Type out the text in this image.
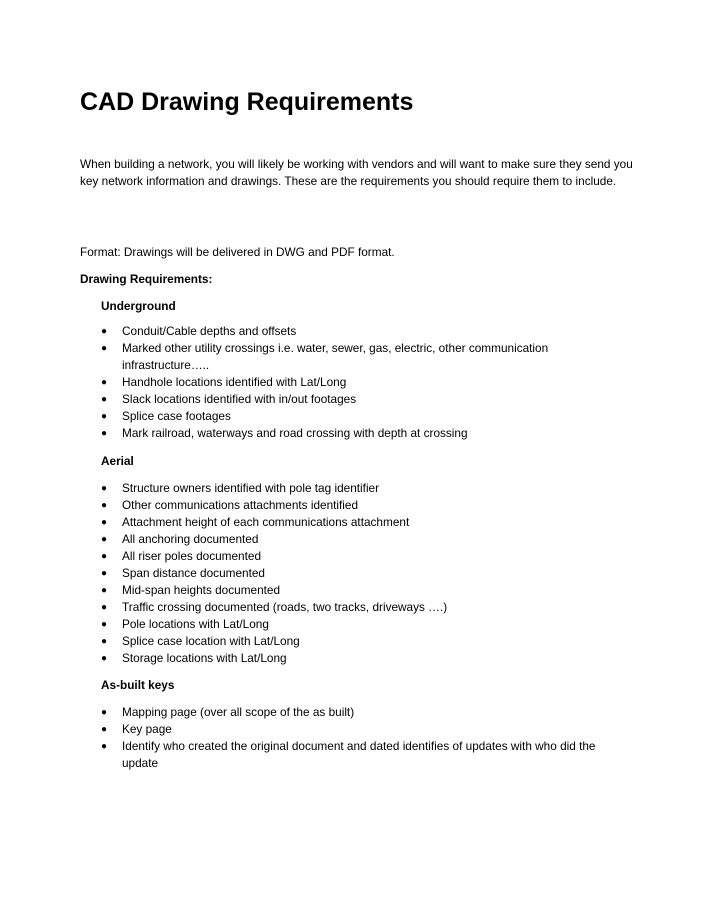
CAD Drawing Requirements

When building a network, you will likely be working with vendors and will want to make sure they send you key network information and drawings. These are the requirements you should require them to include.

Format: Drawings will be delivered in DWG and PDF format.

Drawing Requirements:

Underground

●	Conduit/Cable depths and offsets
●	Marked other utility crossings i.e. water, sewer, gas, electric, other communication infrastructure…..
●	Handhole locations identified with Lat/Long
●	Slack locations identified with in/out footages
●	Splice case footages
●	Mark railroad, waterways and road crossing with depth at crossing

Aerial

●	Structure owners identified with pole tag identifier
●	Other communications attachments identified
●	Attachment height of each communications attachment
●	All anchoring documented
●	All riser poles documented
●	Span distance documented
●	Mid-span heights documented
●	Traffic crossing documented (roads, two tracks, driveways ….)
●	Pole locations with Lat/Long
●	Splice case location with Lat/Long
●	Storage locations with Lat/Long

As-built keys

●	Mapping page (over all scope of the as built)
●	Key page
●	Identify who created the original document and dated identifies of updates with who did the update
